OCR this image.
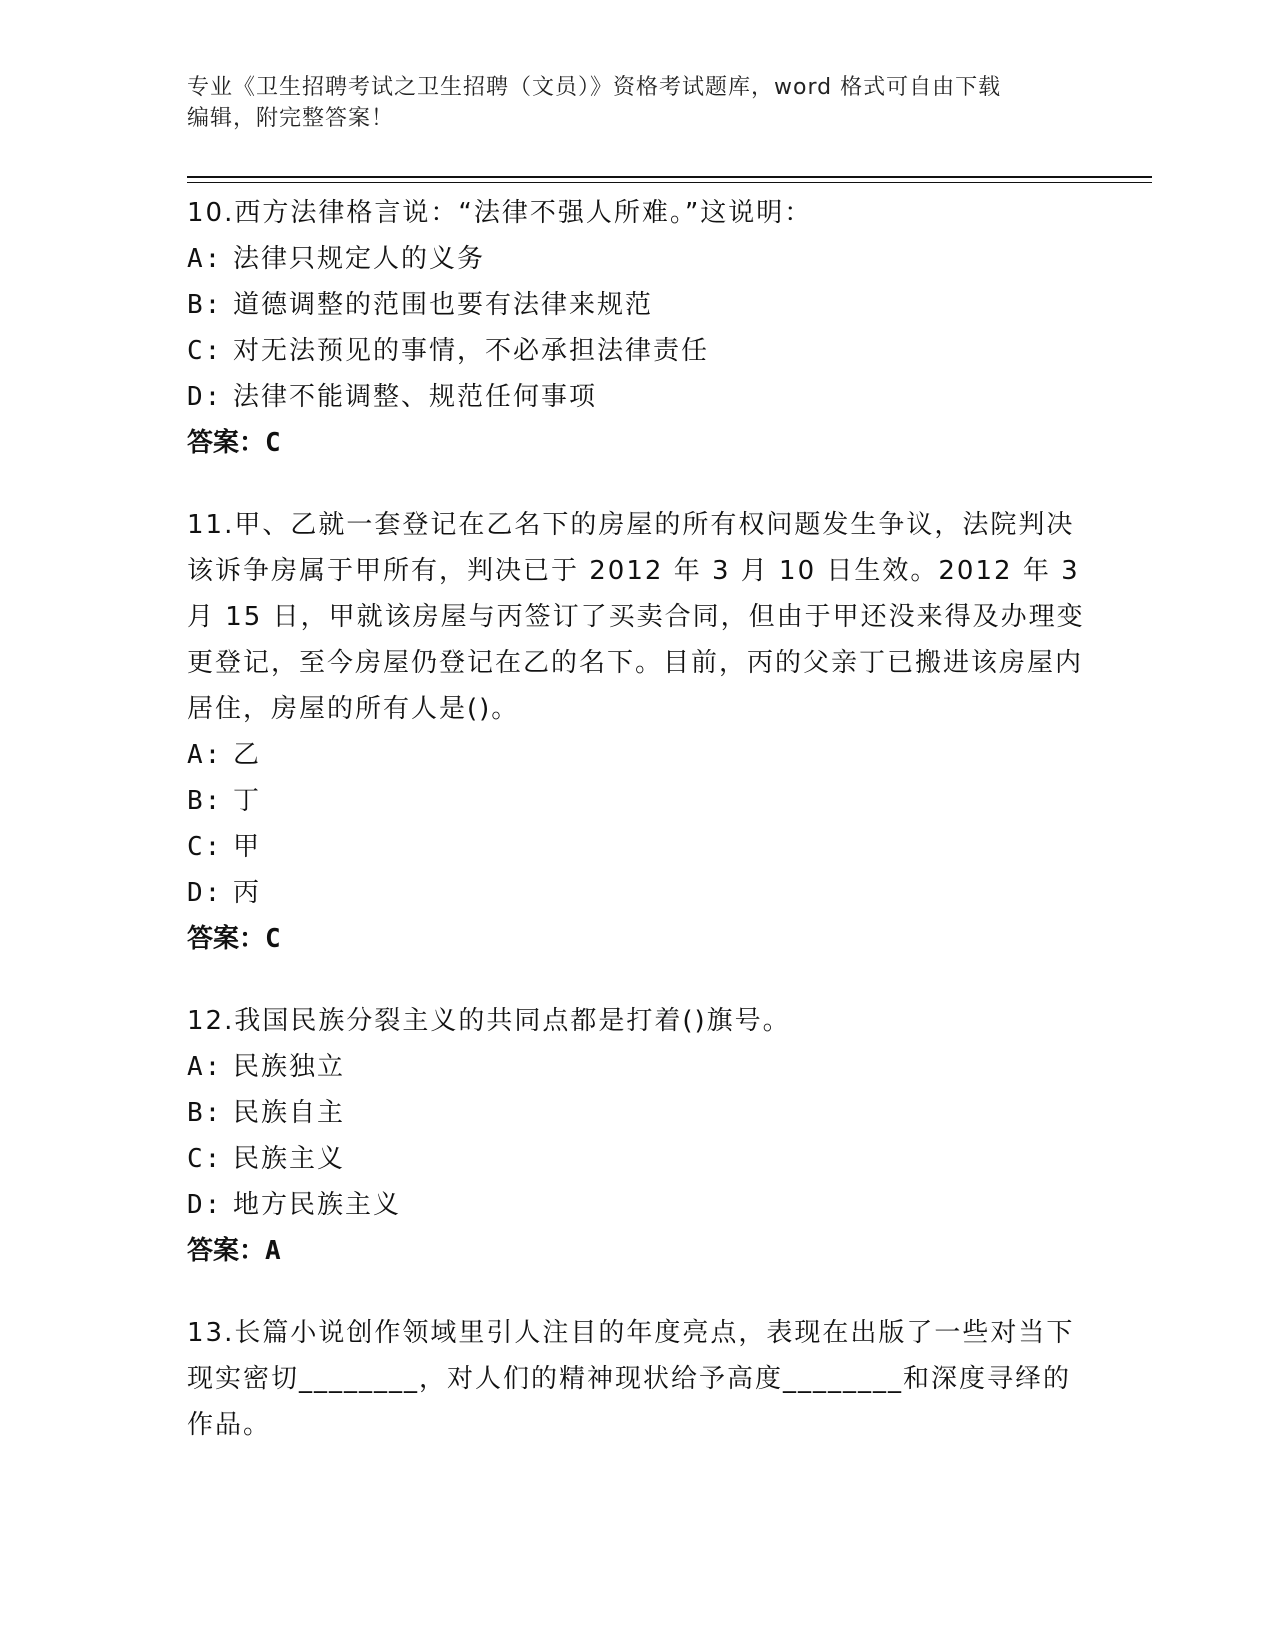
专业《卫生招聘考试之卫生招聘（文员）》资格考试题库，word 格式可自由下载
编辑，附完整答案！

10.西方法律格言说：“法律不强人所难。”这说明：

A: 法律只规定人的义务

B: 道德调整的范围也要有法律来规范

C: 对无法预见的事情，不必承担法律责任

D: 法律不能调整、规范任何事项

答案：C

11.甲、乙就一套登记在乙名下的房屋的所有权问题发生争议，法院判决该诉争房属于甲所有，判决已于 2012 年 3 月 10 日生效。2012 年 3 月 15 日，甲就该房屋与丙签订了买卖合同，但由于甲还没来得及办理变更登记，至今房屋仍登记在乙的名下。目前，丙的父亲丁已搬进该房屋内居住，房屋的所有人是()。

A: 乙

B: 丁

C: 甲

D: 丙

答案：C

12.我国民族分裂主义的共同点都是打着()旗号。

A: 民族独立

B: 民族自主

C: 民族主义

D: 地方民族主义

答案：A

13.长篇小说创作领域里引人注目的年度亮点，表现在出版了一些对当下现实密切________，对人们的精神现状给予高度________和深度寻绎的作品。
